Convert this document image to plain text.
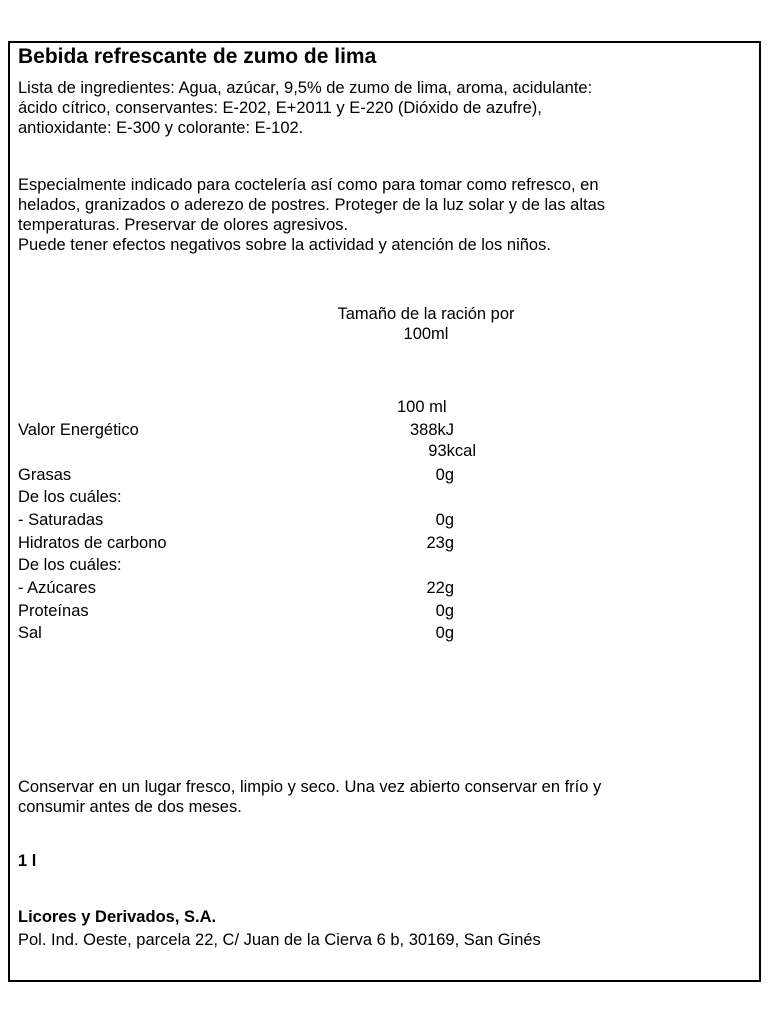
Bebida refrescante de zumo de lima
Lista de ingredientes: Agua, azúcar, 9,5% de zumo de lima, aroma, acidulante:
ácido cítrico, conservantes: E-202, E+2011 y E-220 (Dióxido de azufre),
antioxidante: E-300 y colorante: E-102.
Especialmente indicado para coctelería así como para tomar como refresco, en
helados, granizados o aderezo de postres. Proteger de la luz solar y de las altas
temperaturas. Preservar de olores agresivos.
Puede tener efectos negativos sobre la actividad y atención de los niños.
Tamaño de la ración por
100ml
100 ml
Valor Energético	388kJ
93kcal
Grasas	0g
De los cuáles:
- Saturadas	0g
Hidratos de carbono	23g
De los cuáles:
- Azúcares	22g
Proteínas	0g
Sal	0g
Conservar en un lugar fresco, limpio y seco. Una vez abierto conservar en frío y
consumir antes de dos meses.
1 l
Licores y Derivados, S.A.
Pol. Ind. Oeste, parcela 22, C/ Juan de la Cierva 6 b, 30169, San Ginés
